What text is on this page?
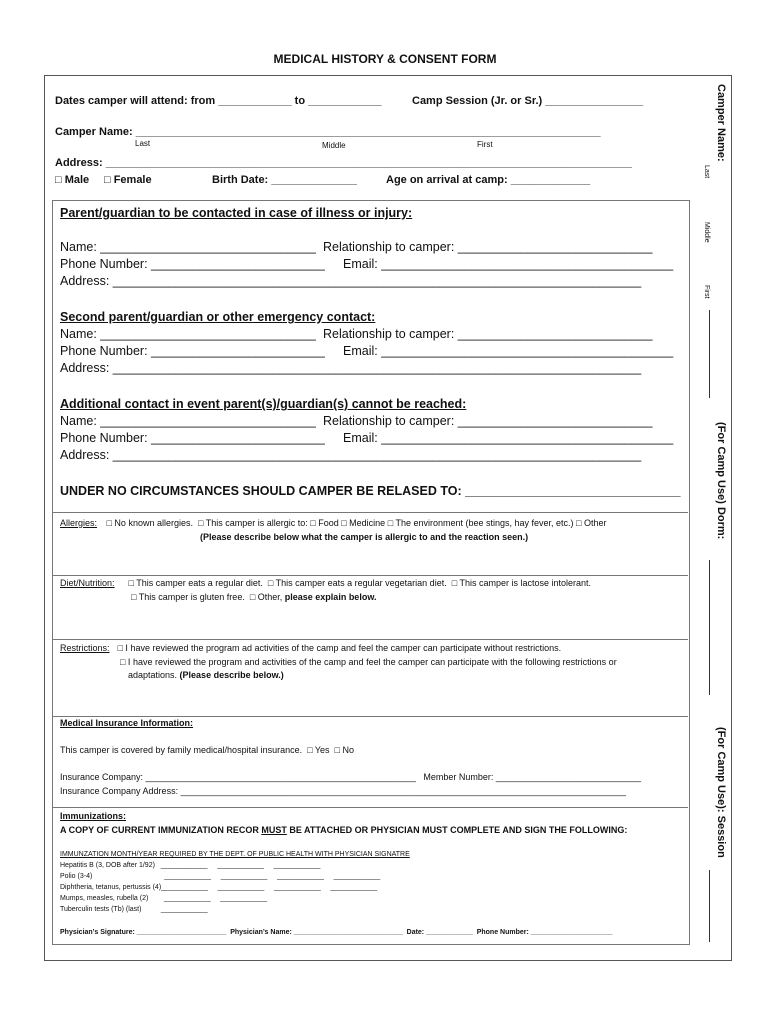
MEDICAL HISTORY & CONSENT FORM
Dates camper will attend: from ____________ to ____________	Camp Session (Jr. or Sr.) ________________
Camper Name: ____________________________________________________________________________
Last	Middle	First
Address: ______________________________________________________________________________________
□ Male □ Female	Birth Date: ______________	Age on arrival at camp: _____________
Parent/guardian to be contacted in case of illness or injury:
Name: _______________________________ Relationship to camper: ____________________________
Phone Number: _________________________ Email: __________________________________________
Address: ____________________________________________________________________________
Second parent/guardian or other emergency contact:
Name: _______________________________ Relationship to camper: ____________________________
Phone Number: _________________________ Email: __________________________________________
Address: ____________________________________________________________________________
Additional contact in event parent(s)/guardian(s) cannot be reached:
Name: _______________________________ Relationship to camper: ____________________________
Phone Number: _________________________ Email: __________________________________________
Address: ____________________________________________________________________________
UNDER NO CIRCUMSTANCES SHOULD CAMPER BE RELASED TO: _______________________________
Allergies: □ No known allergies.  □ This camper is allergic to: □ Food □ Medicine □ The environment (bee stings, hay fever, etc.) □ Other
(Please describe below what the camper is allergic to and the reaction seen.)
Diet/Nutrition: □ This camper eats a regular diet.  □ This camper eats a regular vegetarian diet.  □ This camper is lactose intolerant.
□ This camper is gluten free.  □ Other, please explain below.
Restrictions: □ I have reviewed the program ad activities of the camp and feel the camper can participate without restrictions.
□ I have reviewed the program and activities of the camp and feel the camper can participate with the following restrictions or
adaptations. (Please describe below.)
Medical Insurance Information:
This camper is covered by family medical/hospital insurance.  □ Yes  □ No
Insurance Company: ______________________________________________________   Member Number: _____________________________
Insurance Company Address: _________________________________________________________________________________________
Immunizations:
A COPY OF CURRENT IMMUNIZATION RECOR MUST BE ATTACHED OR PHYSICIAN MUST COMPLETE AND SIGN THE FOLLOWING:
IMMUNZATION MONTH/YEAR REQUIRED BY THE DEPT. OF PUBLIC HEALTH WITH PHYSICIAN SIGNATRE
Hepatitis B (3, DOB after 1/92)   ____________     ____________     ____________
Polio (3-4)                                     ____________     ____________     ____________     ____________
Diphtheria, tetanus, pertussis (4)____________     ____________     ____________     ____________
Mumps, measles, rubella (2)        ____________     ____________
Tuberculin tests (Tb) (last)          ____________
Physician’s Signature: _______________________  Physician’s Name: ____________________________  Date: ____________  Phone Number: _____________________
Camper Name:
Last
Middle
First
(For Camp Use) Dorm:
(For Camp Use): Session
